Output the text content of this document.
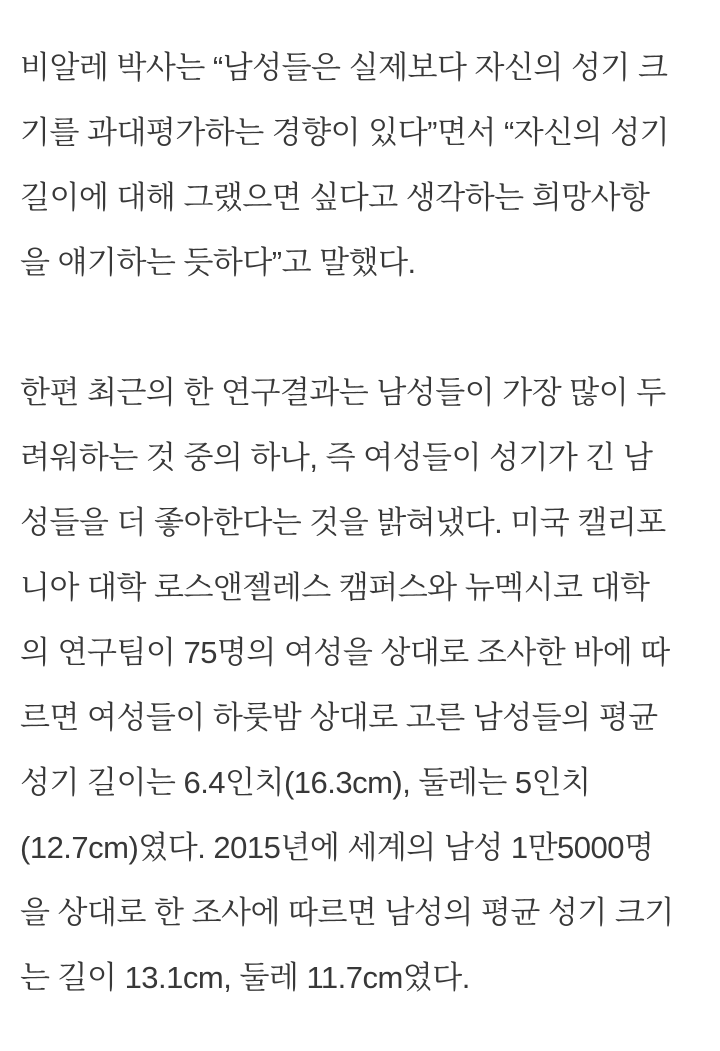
비알레 박사는 “남성들은 실제보다 자신의 성기 크
기를 과대평가하는 경향이 있다”면서 “자신의 성기
길이에 대해 그랬으면 싶다고 생각하는 희망사항
을 얘기하는 듯하다”고 말했다.
한편 최근의 한 연구결과는 남성들이 가장 많이 두
려워하는 것 중의 하나, 즉 여성들이 성기가 긴 남
성들을 더 좋아한다는 것을 밝혀냈다. 미국 캘리포
니아 대학 로스앤젤레스 캠퍼스와 뉴멕시코 대학
의 연구팀이 75명의 여성을 상대로 조사한 바에 따
르면 여성들이 하룻밤 상대로 고른 남성들의 평균
성기 길이는 6.4인치(16.3cm), 둘레는 5인치
(12.7cm)였다. 2015년에 세계의 남성 1만5000명
을 상대로 한 조사에 따르면 남성의 평균 성기 크기
는 길이 13.1cm, 둘레 11.7cm였다.
